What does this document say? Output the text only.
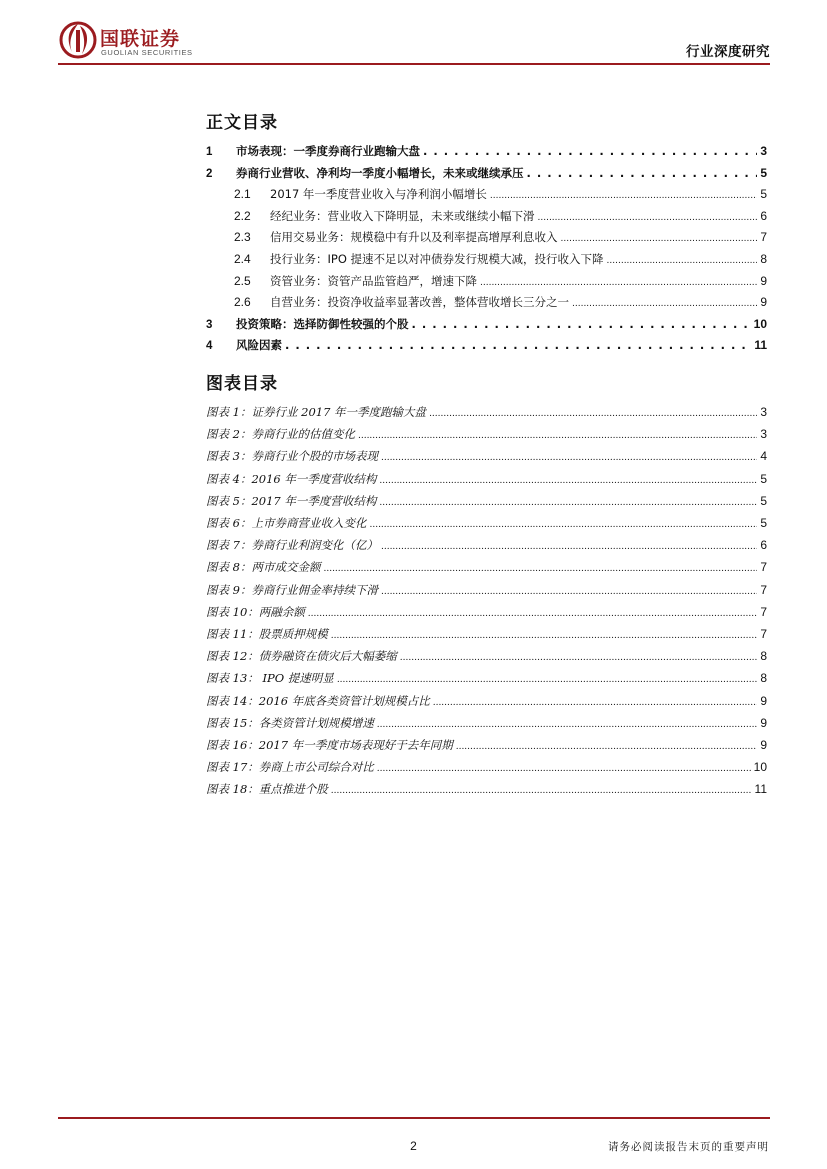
国联证券
GUOLIAN SECURITIES	行业深度研究
正文目录
1	市场表现：一季度券商行业跑输大盘 . . .	3
2	券商行业营收、净利均一季度小幅增长，未来或继续承压 . . .	5
2.1	2017 年一季度营业收入与净利润小幅增长 .....	5
2.2	经纪业务：营业收入下降明显，未来或继续小幅下滑 .....	6
2.3	信用交易业务：规模稳中有升以及利率提高增厚利息收入 .....	7
2.4	投行业务：IPO 提速不足以对冲债券发行规模大减，投行收入下降 .....	8
2.5	资管业务：资管产品监管趋严，增速下降 .....	9
2.6	自营业务：投资净收益率显著改善，整体营收增长三分之一 .....	9
3	投资策略：选择防御性较强的个股 . . .	10
4	风险因素 . . .	11
图表目录
图表 1：证券行业 2017 年一季度跑输大盘 .....	3
图表 2：券商行业的估值变化 .....	3
图表 3：券商行业个股的市场表现 .....	4
图表 4：2016 年一季度营收结构 .....	5
图表 5：2017 年一季度营收结构 .....	5
图表 6：上市券商营业收入变化 .....	5
图表 7：券商行业利润变化（亿） .....	6
图表 8：两市成交金额 .....	7
图表 9：券商行业佣金率持续下滑 .....	7
图表 10：两融余额 .....	7
图表 11：股票质押规模 .....	7
图表 12：债券融资在债灾后大幅萎缩 .....	8
图表 13： IPO 提速明显 .....	8
图表 14：2016 年底各类资管计划规模占比 .....	9
图表 15：各类资管计划规模增速 .....	9
图表 16：2017 年一季度市场表现好于去年同期 .....	9
图表 17：券商上市公司综合对比 .....	10
图表 18：重点推进个股 .....	11
2	请务必阅读报告末页的重要声明
